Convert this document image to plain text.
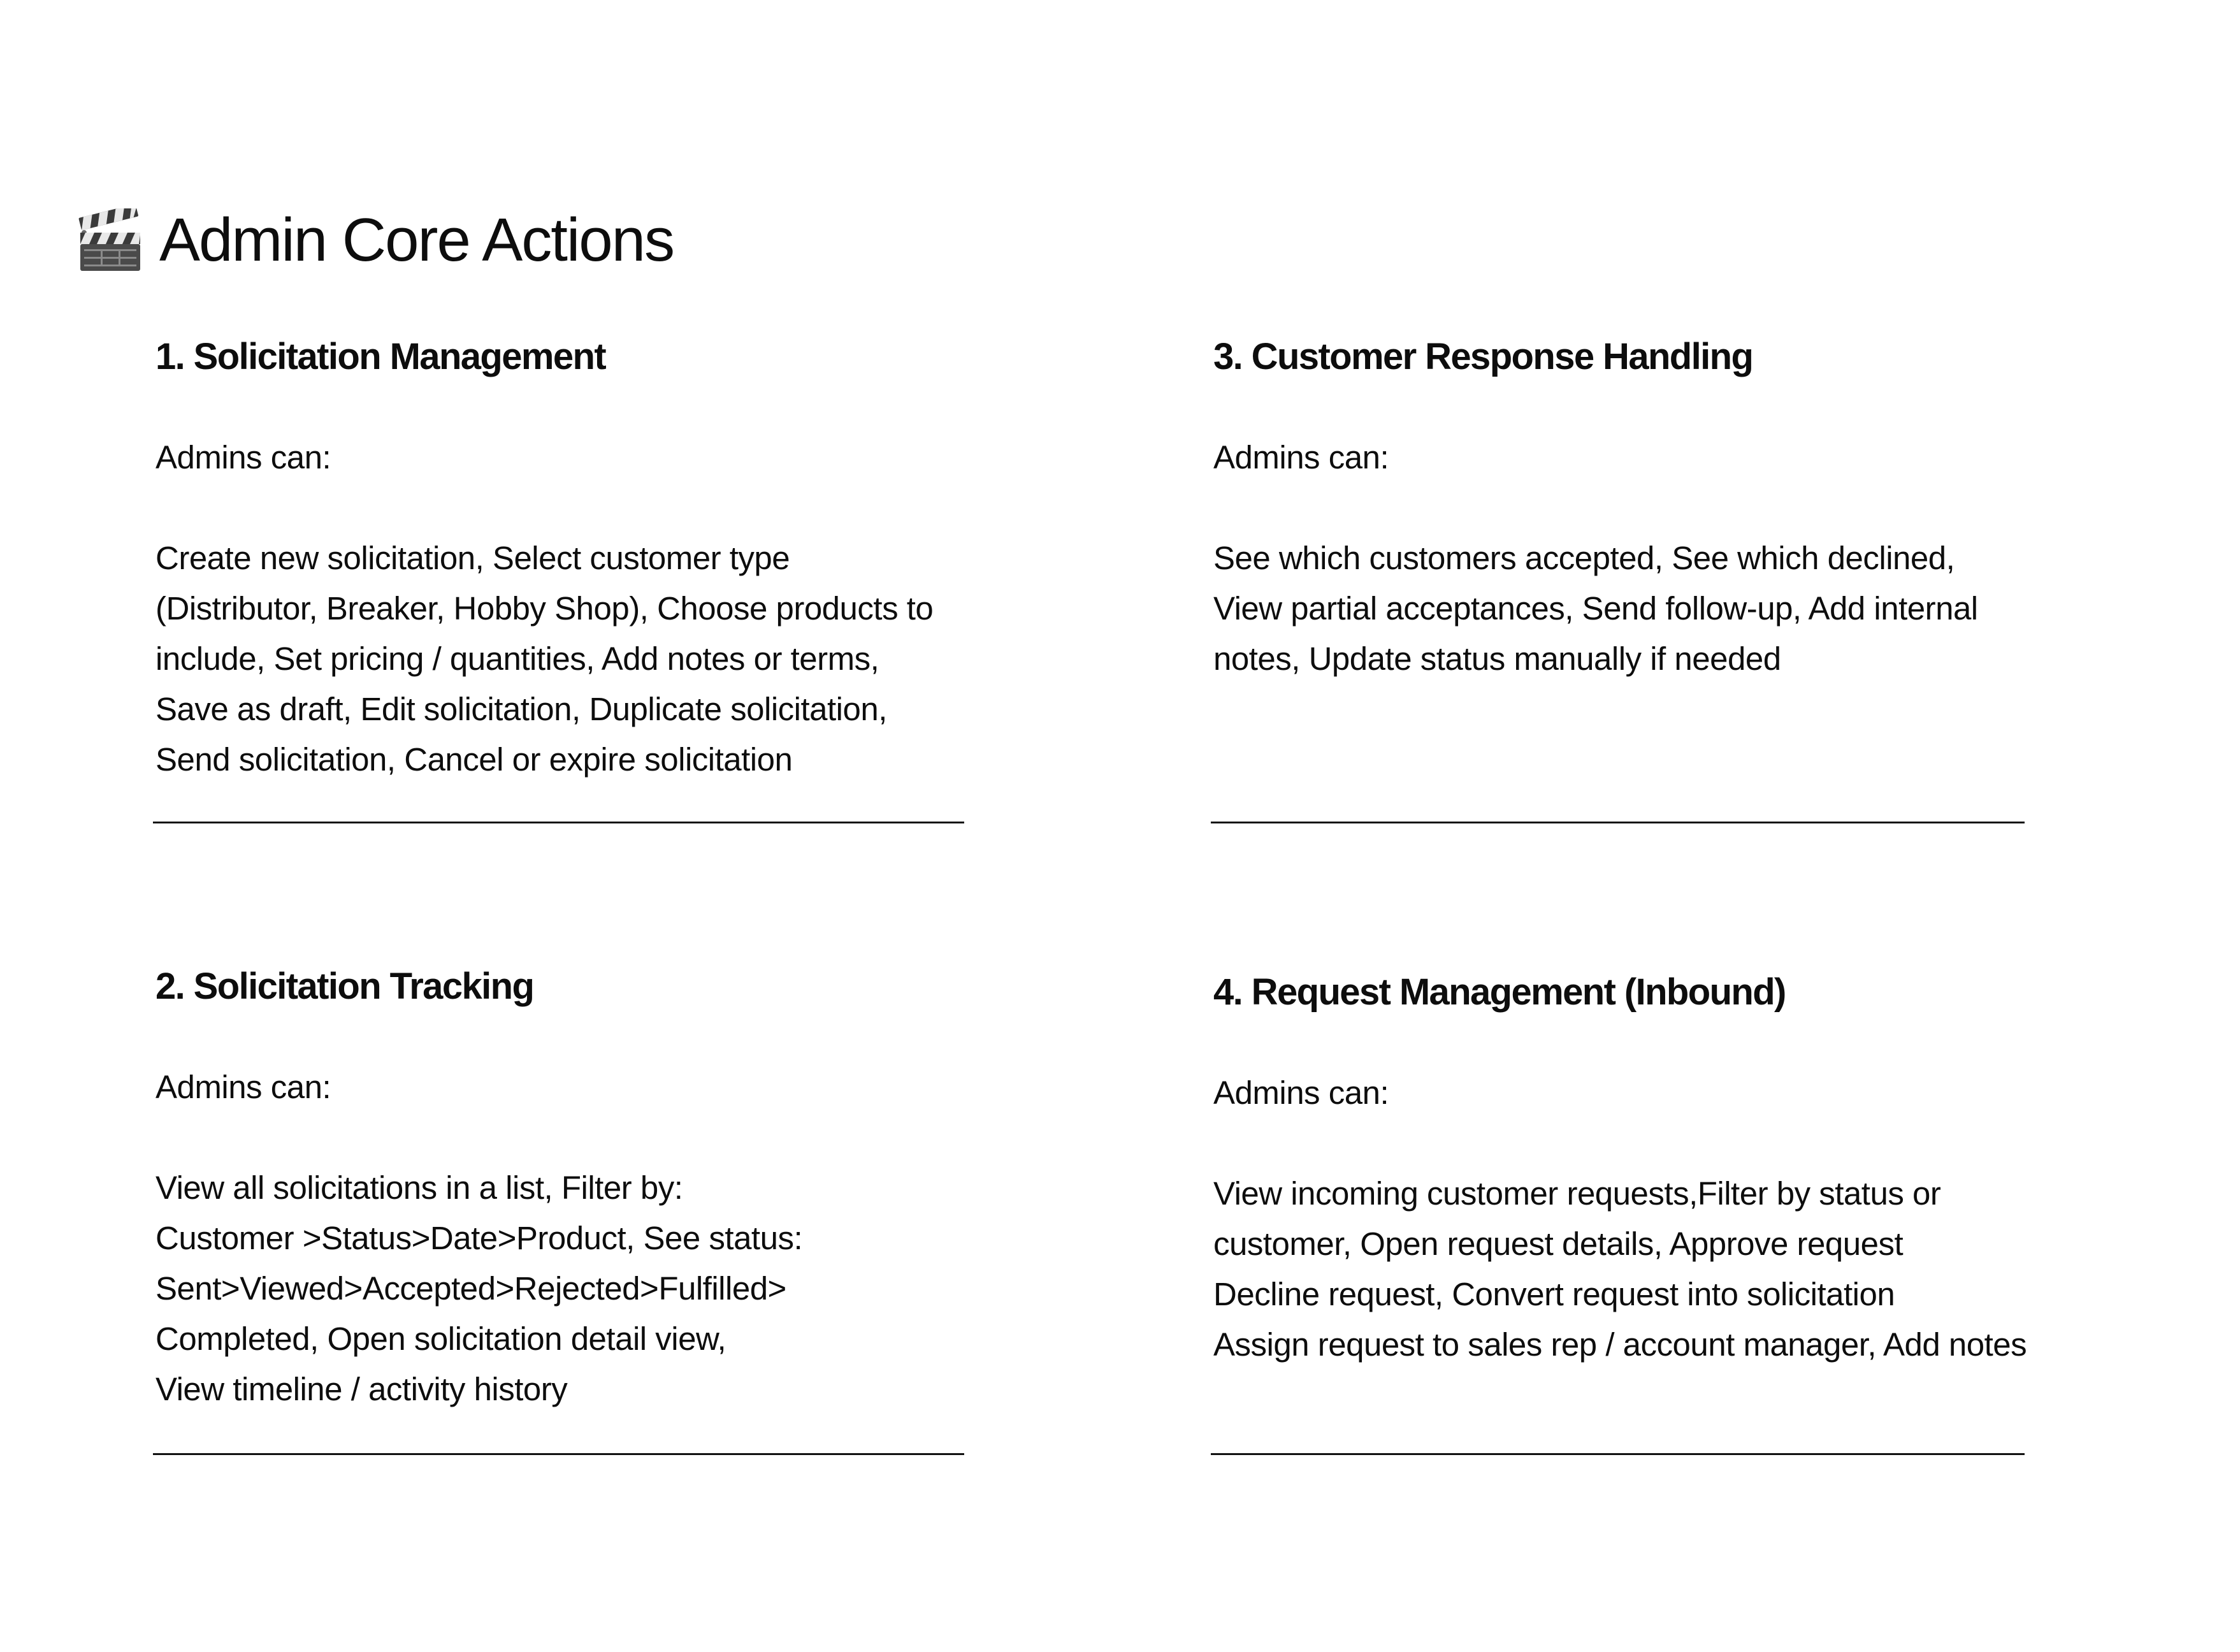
Admin Core Actions
1. Solicitation Management

Admins can:

Create new solicitation, Select customer type
(Distributor, Breaker, Hobby Shop), Choose products to
include, Set pricing / quantities, Add notes or terms,
Save as draft, Edit solicitation, Duplicate solicitation,
Send solicitation, Cancel or expire solicitation
2. Solicitation Tracking

Admins can:

View all solicitations in a list, Filter by:
Customer >Status>Date>Product, See status:
Sent>Viewed>Accepted>Rejected>Fulfilled>
Completed, Open solicitation detail view,
View timeline / activity history
3. Customer Response Handling

Admins can:

See which customers accepted, See which declined,
View partial acceptances, Send follow-up, Add internal
notes, Update status manually if needed
4. Request Management (Inbound)

Admins can:

View incoming customer requests,Filter by status or
customer, Open request details, Approve request
Decline request, Convert request into solicitation
Assign request to sales rep / account manager, Add notes
